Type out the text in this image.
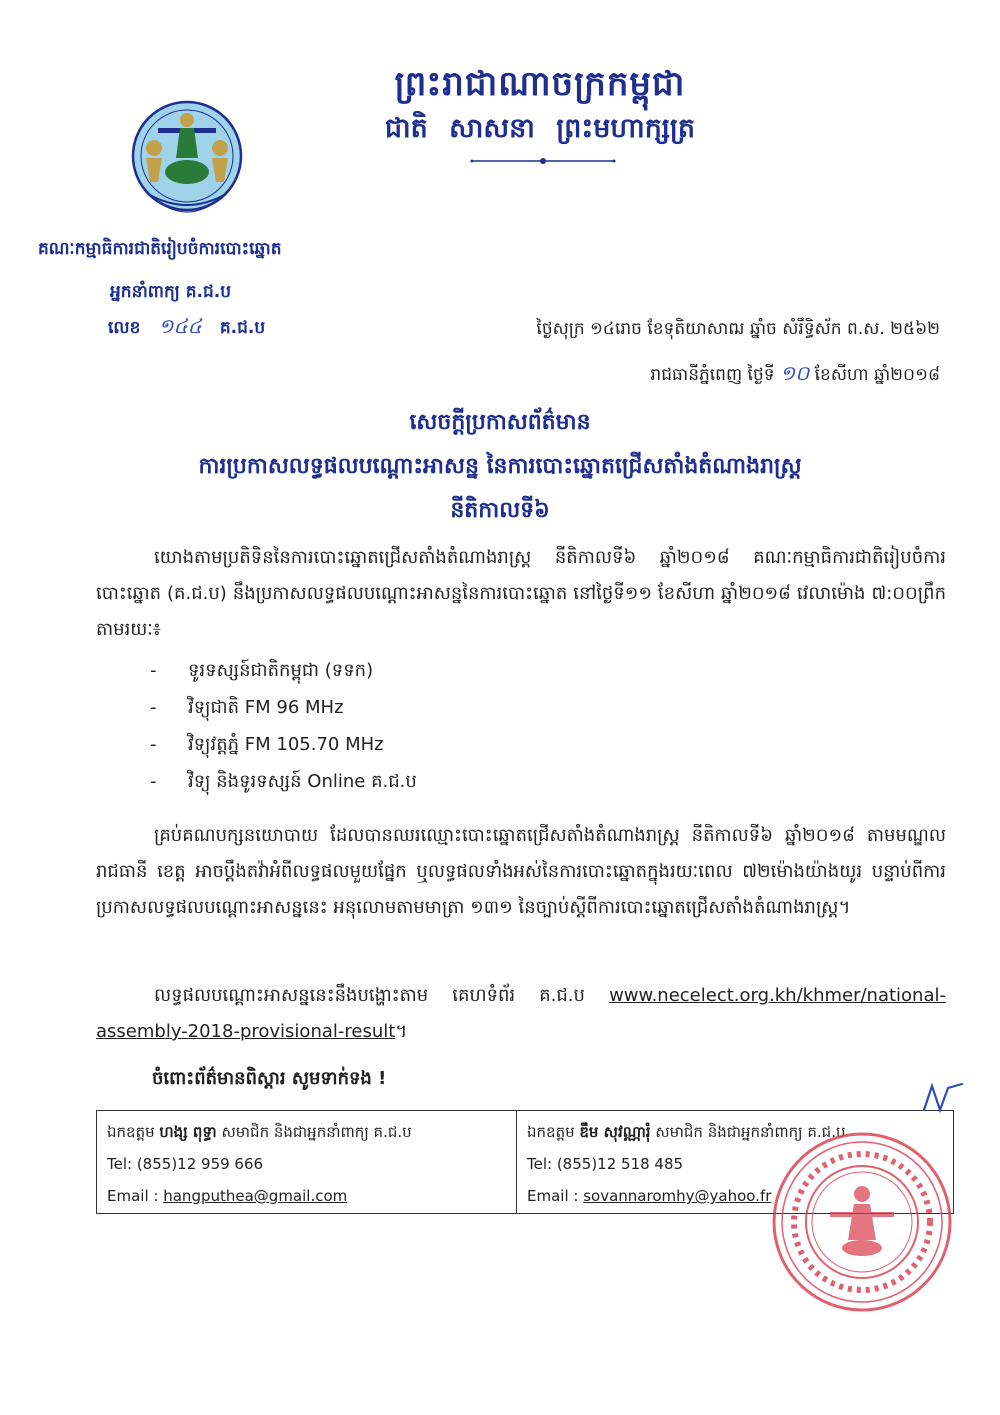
ព្រះរាជាណាចក្រកម្ពុជា
ជាតិ សាសនា ព្រះមហាក្សត្រ
គណៈកម្មាធិការជាតិរៀបចំការបោះឆ្នោត
អ្នកនាំពាក្យ គ.ជ.ប
លេខ ១៤៤ គ.ជ.ប	ថ្ងៃសុក្រ ១៤រោច ខែទុតិយាសាឍ ឆ្នាំច សំរឹទ្ធិស័ក ព.ស. ២៥៦២
រាជធានីភ្នំពេញ ថ្ងៃទី ១០ ខែសីហា ឆ្នាំ២០១៨
សេចក្តីប្រកាសព័ត៌មាន
ការប្រកាសលទ្ធផលបណ្តោះអាសន្ន នៃការបោះឆ្នោតជ្រើសតាំងតំណាងរាស្ត្រ
នីតិកាលទី៦
យោងតាមប្រតិទិននៃការបោះឆ្នោតជ្រើសតាំងតំណាងរាស្ត្រ នីតិកាលទី៦ ឆ្នាំ២០១៨ គណៈកម្មាធិការជាតិរៀបចំការបោះឆ្នោត (គ.ជ.ប) នឹងប្រកាសលទ្ធផលបណ្តោះអាសន្ននៃការបោះឆ្នោត នៅថ្ងៃទី១១ ខែសីហា ឆ្នាំ២០១៨ វេលាម៉ោង ៧:០០ព្រឹក តាមរយៈ៖
- ទូរទស្សន៍ជាតិកម្ពុជា (ទទក)
- វិទ្យុជាតិ FM 96 MHz
- វិទ្យុវត្តភ្នំ FM 105.70 MHz
- វិទ្យុ និងទូរទស្សន៍ Online គ.ជ.ប
គ្រប់គណបក្សនយោបាយ ដែលបានឈរឈ្មោះបោះឆ្នោតជ្រើសតាំងតំណាងរាស្ត្រ នីតិកាលទី៦ ឆ្នាំ២០១៨ តាមមណ្ឌលរាជធានី ខេត្ត អាចប្តឹងតវ៉ាអំពីលទ្ធផលមួយផ្នែក ឬលទ្ធផលទាំងអស់នៃការបោះឆ្នោតក្នុងរយៈពេល ៧២ម៉ោងយ៉ាងយូរ បន្ទាប់ពីការប្រកាសលទ្ធផលបណ្តោះអាសន្ននេះ អនុលោមតាមមាត្រា ១៣១ នៃច្បាប់ស្តីពីការបោះឆ្នោតជ្រើសតាំងតំណាងរាស្ត្រ។
លទ្ធផលបណ្តោះអាសន្ននេះនឹងបង្ហោះតាម គេហទំព័រ គ.ជ.ប www.necelect.org.kh/khmer/national-assembly-2018-provisional-result។
ចំពោះព័ត៌មានពិស្តារ សូមទាក់ទង !
ឯកឧត្តម ហង្ស ពុទ្ធា សមាជិក និងជាអ្នកនាំពាក្យ គ.ជ.ប
Tel: (855)12 959 666
Email : hangputhea@gmail.com
ឯកឧត្តម ឌឹម សុវណ្ណារុំ សមាជិក និងជាអ្នកនាំពាក្យ គ.ជ.ប
Tel: (855)12 518 485
Email : sovannaromhy@yahoo.fr
